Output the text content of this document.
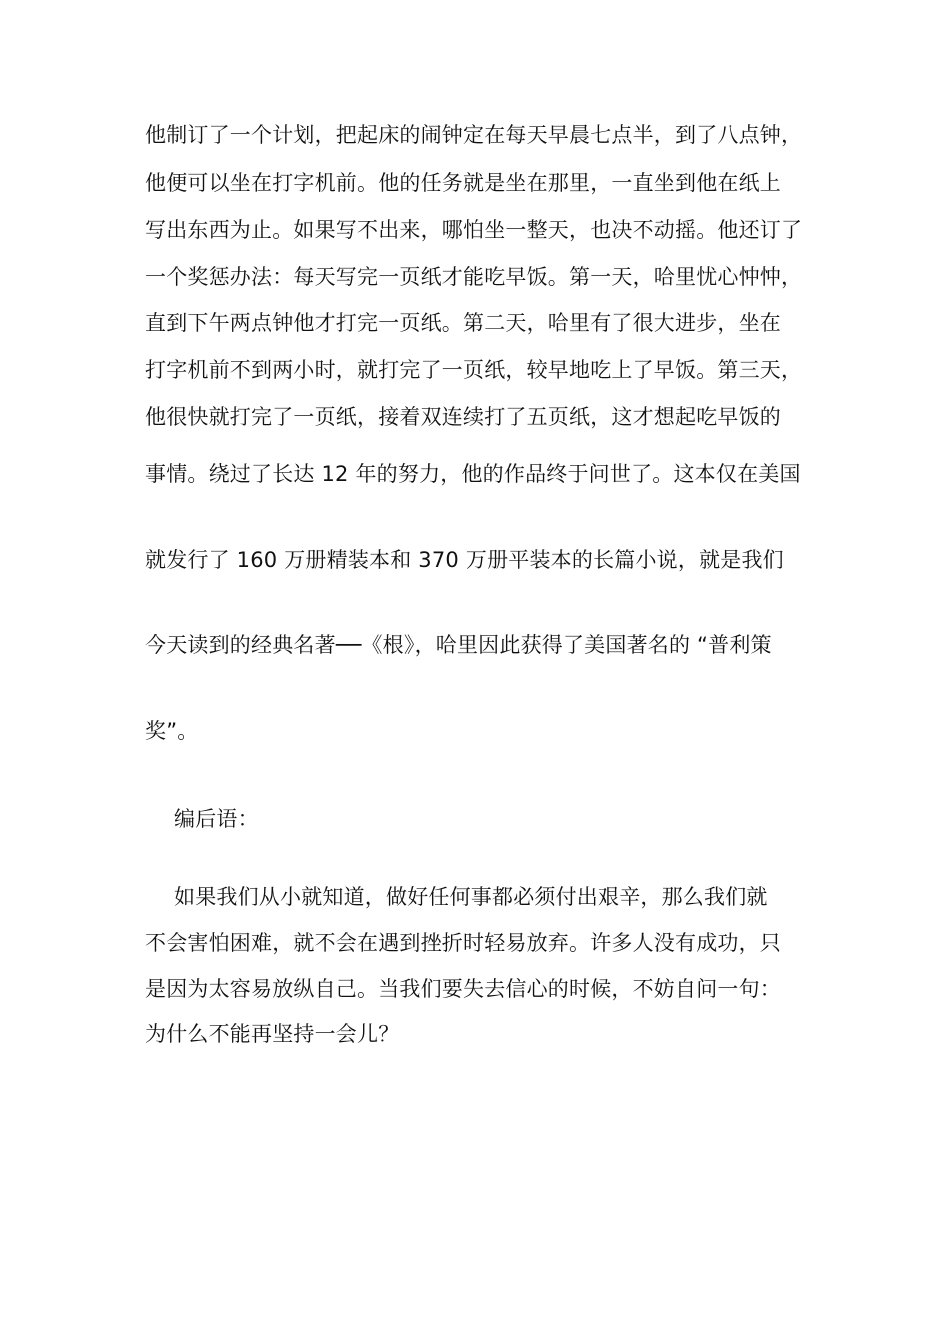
他制订了一个计划，把起床的闹钟定在每天早晨七点半，到了八点钟，
他便可以坐在打字机前。他的任务就是坐在那里，一直坐到他在纸上
写出东西为止。如果写不出来，哪怕坐一整天，也决不动摇。他还订了
一个奖惩办法：每天写完一页纸才能吃早饭。第一天，哈里忧心忡忡，
直到下午两点钟他才打完一页纸。第二天，哈里有了很大进步，坐在
打字机前不到两小时，就打完了一页纸，较早地吃上了早饭。第三天，
他很快就打完了一页纸，接着双连续打了五页纸，这才想起吃早饭的
事情。绕过了长达 12 年的努力，他的作品终于问世了。这本仅在美国
就发行了 160 万册精装本和 370 万册平装本的长篇小说，就是我们
今天读到的经典名著──《根》，哈里因此获得了美国著名的 “普利策
奖”。
编后语：
如果我们从小就知道，做好任何事都必须付出艰辛，那么我们就
不会害怕困难，就不会在遇到挫折时轻易放弃。许多人没有成功，只
是因为太容易放纵自己。当我们要失去信心的时候，不妨自问一句：
为什么不能再坚持一会儿？
